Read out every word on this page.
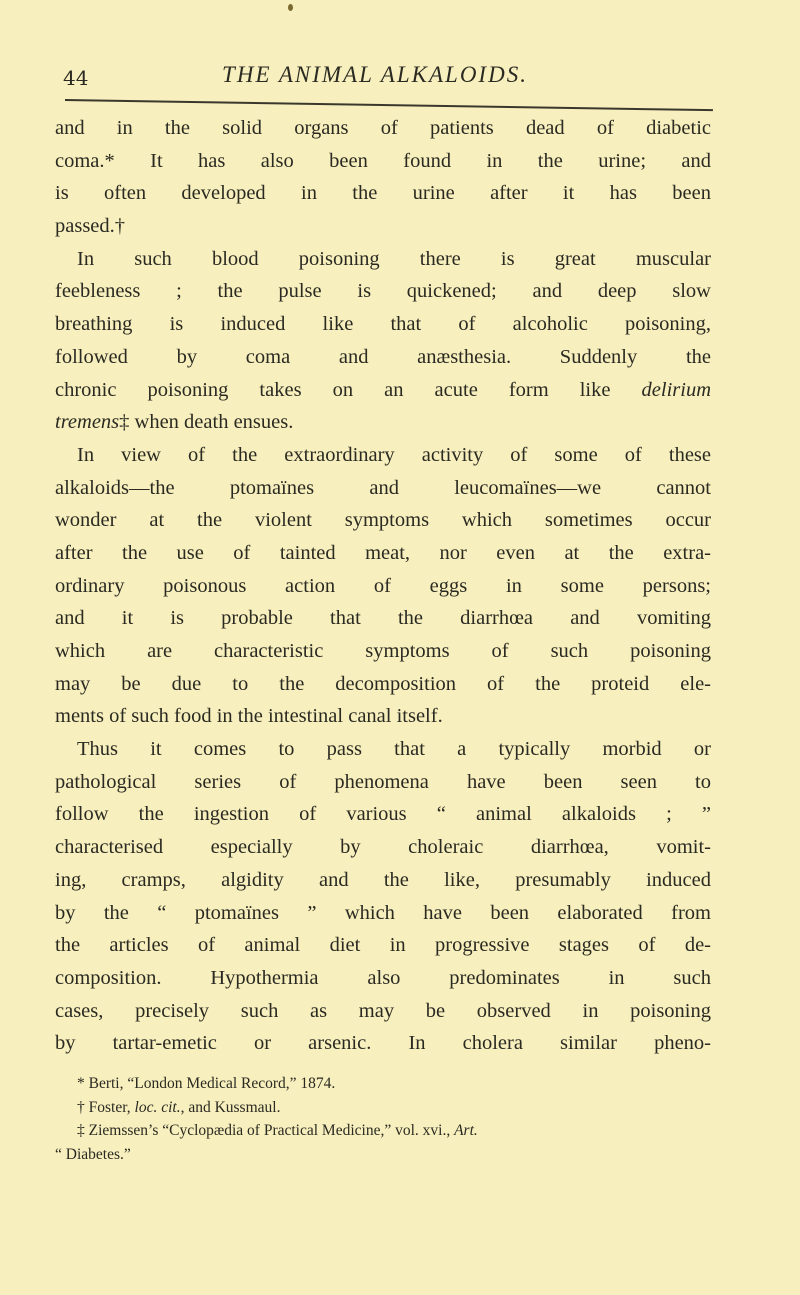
44	THE ANIMAL ALKALOIDS.
and in the solid organs of patients dead of diabetic
coma.* It has also been found in the urine; and
is often developed in the urine after it has been
passed.†
In such blood poisoning there is great muscular
feebleness ; the pulse is quickened; and deep slow
breathing is induced like that of alcoholic poisoning,
followed by coma and anæsthesia. Suddenly the
chronic poisoning takes on an acute form like delirium
tremens‡ when death ensues.
In view of the extraordinary activity of some of these
alkaloids—the ptomaïnes and leucomaïnes—we cannot
wonder at the violent symptoms which sometimes occur
after the use of tainted meat, nor even at the extra-
ordinary poisonous action of eggs in some persons;
and it is probable that the diarrhœa and vomiting
which are characteristic symptoms of such poisoning
may be due to the decomposition of the proteid ele-
ments of such food in the intestinal canal itself.
Thus it comes to pass that a typically morbid or
pathological series of phenomena have been seen to
follow the ingestion of various “ animal alkaloids ; ”
characterised especially by choleraic diarrhœa, vomit-
ing, cramps, algidity and the like, presumably induced
by the “ ptomaïnes ” which have been elaborated from
the articles of animal diet in progressive stages of de-
composition. Hypothermia also predominates in such
cases, precisely such as may be observed in poisoning
by tartar-emetic or arsenic. In cholera similar pheno-
* Berti, “London Medical Record,” 1874.
† Foster, loc. cit., and Kussmaul.
‡ Ziemssen’s “Cyclopædia of Practical Medicine,” vol. xvi., Art.
“ Diabetes.”
